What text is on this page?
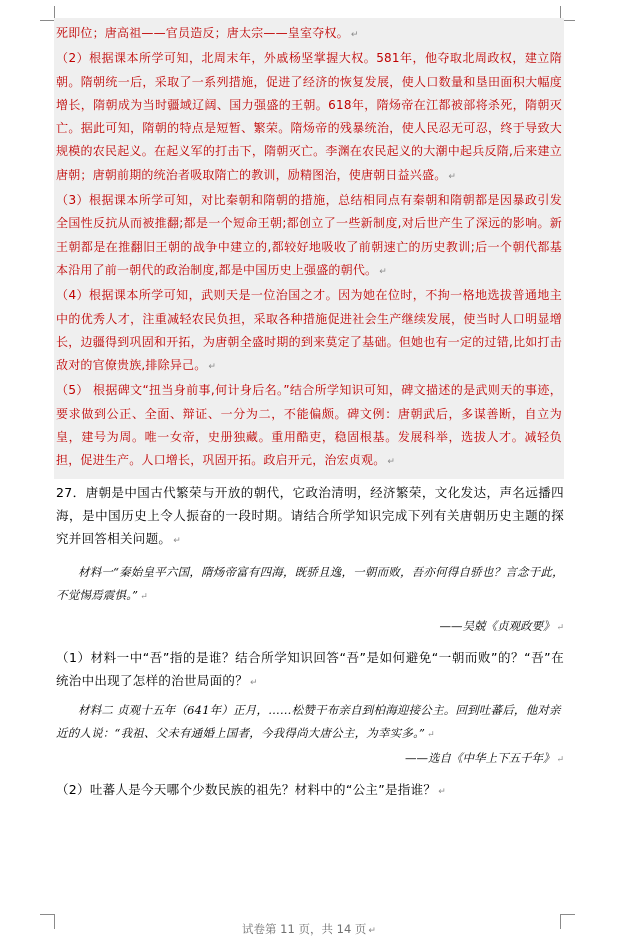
死即位；唐高祖——官员造反；唐太宗——皇室夺权。 ↵

（2）根据课本所学可知，北周末年，外戚杨坚掌握大权。581年，他夺取北周政权，建立隋朝。隋朝统一后，采取了一系列措施，促进了经济的恢复发展，使人口数量和垦田面积大幅度增长，隋朝成为当时疆域辽阔、国力强盛的王朝。618年，隋炀帝在江都被部将杀死，隋朝灭亡。据此可知，隋朝的特点是短暂、繁荣。隋炀帝的残暴统治，使人民忍无可忍，终于导致大规模的农民起义。在起义军的打击下，隋朝灭亡。李渊在农民起义的大潮中起兵反隋,后来建立唐朝；唐朝前期的统治者吸取隋亡的教训，励精图治，使唐朝日益兴盛。 ↵

（3）根据课本所学可知，对比秦朝和隋朝的措施，总结相同点有秦朝和隋朝都是因暴政引发全国性反抗从而被推翻;都是一个短命王朝;都创立了一些新制度,对后世产生了深远的影响。新王朝都是在推翻旧王朝的战争中建立的,都较好地吸收了前朝速亡的历史教训;后一个朝代都基本沿用了前一朝代的政治制度,都是中国历史上强盛的朝代。 ↵

（4）根据课本所学可知，武则天是一位治国之才。因为她在位时，不拘一格地选拔普通地主中的优秀人才，注重减轻农民负担，采取各种措施促进社会生产继续发展，使当时人口明显增长，边疆得到巩固和开拓，为唐朝全盛时期的到来莫定了基础。但她也有一定的过错,比如打击敌对的官僚贵族,排除异己。 ↵

（5） 根据碑文“扭当身前事,何计身后名。”结合所学知识可知，碑文描述的是武则天的事迹，要求做到公正、全面、辩证、一分为二，不能偏颇。碑文例：唐朝武后，多谋善断，自立为皇，建号为周。唯一女帝，史册独藏。重用酷吏，稳固根基。发展科举，选拔人才。减轻负担，促进生产。人口增长，巩固开拓。政启开元，治宏贞观。 ↵

27．唐朝是中国古代繁荣与开放的朝代，它政治清明，经济繁荣，文化发达，声名远播四海，是中国历史上令人振奋的一段时期。请结合所学知识完成下列有关唐朝历史主题的探究并回答相关问题。 ↵

材料一“秦始皇平六国，隋炀帝富有四海，既骄且逸，一朝而败，吾亦何得自骄也？言念于此，不觉惕焉震惧。” ↵

——吴兢《贞观政要》 ↵

（1）材料一中“吾”指的是谁？结合所学知识回答“吾”是如何避免“一朝而败”的？“吾”在统治中出现了怎样的治世局面的？ ↵

材料二 贞观十五年（641年）正月，……松赞干布亲自到柏海迎接公主。回到吐蕃后，他对亲近的人说：“我祖、父未有通婚上国者，今我得尚大唐公主，为幸实多。” ↵

——选自《中华上下五千年》 ↵

（2）吐蕃人是今天哪个少数民族的祖先？材料中的“公主”是指谁？ ↵

试卷第 11 页，共 14 页 ↵
